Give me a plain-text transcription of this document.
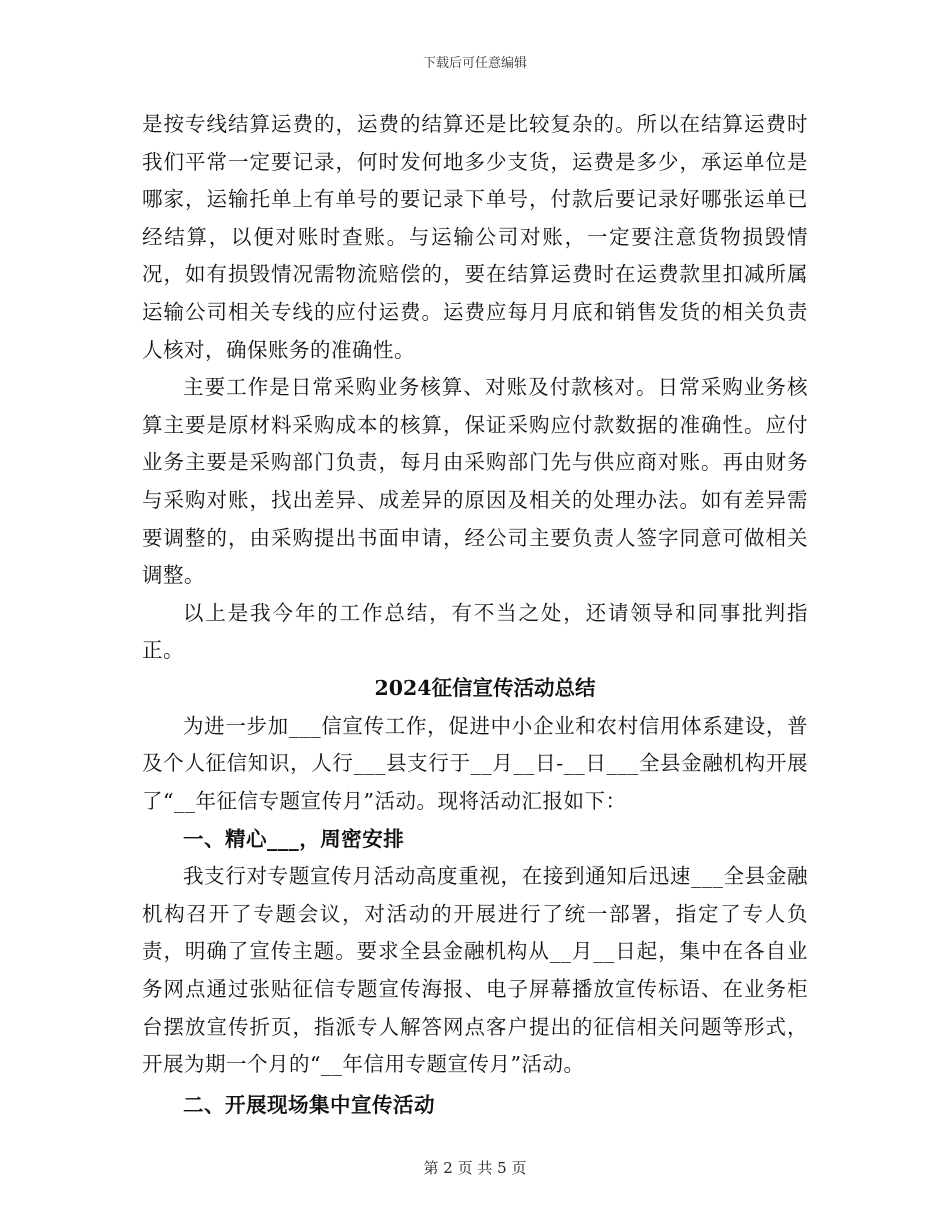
下载后可任意编辑

是按专线结算运费的，运费的结算还是比较复杂的。所以在结算运费时我们平常一定要记录，何时发何地多少支货，运费是多少，承运单位是哪家，运输托单上有单号的要记录下单号，付款后要记录好哪张运单已经结算，以便对账时查账。与运输公司对账，一定要注意货物损毁情况，如有损毁情况需物流赔偿的，要在结算运费时在运费款里扣减所属运输公司相关专线的应付运费。运费应每月月底和销售发货的相关负责人核对，确保账务的准确性。

主要工作是日常采购业务核算、对账及付款核对。日常采购业务核算主要是原材料采购成本的核算，保证采购应付款数据的准确性。应付业务主要是采购部门负责，每月由采购部门先与供应商对账。再由财务与采购对账，找出差异、成差异的原因及相关的处理办法。如有差异需要调整的，由采购提出书面申请，经公司主要负责人签字同意可做相关调整。

以上是我今年的工作总结，有不当之处，还请领导和同事批判指正。

2024征信宣传活动总结

为进一步加___信宣传工作，促进中小企业和农村信用体系建设，普及个人征信知识，人行___县支行于__月__日-__日___全县金融机构开展了“__年征信专题宣传月”活动。现将活动汇报如下：

一、精心___，周密安排

我支行对专题宣传月活动高度重视，在接到通知后迅速___全县金融机构召开了专题会议，对活动的开展进行了统一部署，指定了专人负责，明确了宣传主题。要求全县金融机构从__月__日起，集中在各自业务网点通过张贴征信专题宣传海报、电子屏幕播放宣传标语、在业务柜台摆放宣传折页，指派专人解答网点客户提出的征信相关问题等形式，开展为期一个月的“__年信用专题宣传月”活动。

二、开展现场集中宣传活动
第 2 页 共 5 页
